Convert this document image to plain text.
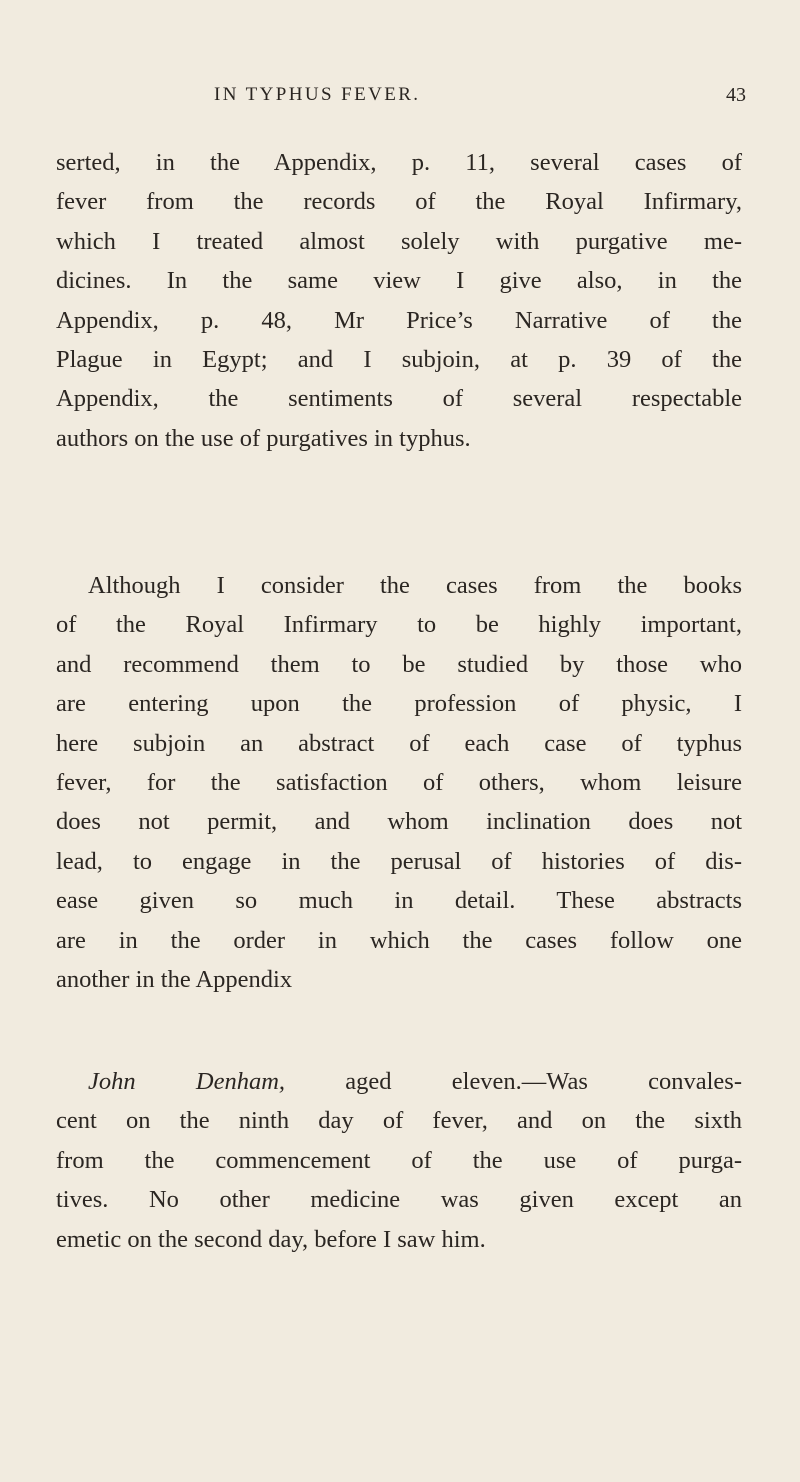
IN TYPHUS FEVER.	43
serted, in the Appendix, p. 11, several cases of
fever from the records of the Royal Infirmary,
which I treated almost solely with purgative me-
dicines. In the same view I give also, in the
Appendix, p. 48, Mr Price’s Narrative of the
Plague in Egypt; and I subjoin, at p. 39 of the
Appendix, the sentiments of several respectable
authors on the use of purgatives in typhus.
Although I consider the cases from the books
of the Royal Infirmary to be highly important,
and recommend them to be studied by those who
are entering upon the profession of physic, I
here subjoin an abstract of each case of typhus
fever, for the satisfaction of others, whom leisure
does not permit, and whom inclination does not
lead, to engage in the perusal of histories of dis-
ease given so much in detail. These abstracts
are in the order in which the cases follow one
another in the Appendix
John Denham, aged eleven.—Was convales-
cent on the ninth day of fever, and on the sixth
from the commencement of the use of purga-
tives. No other medicine was given except an
emetic on the second day, before I saw him.
